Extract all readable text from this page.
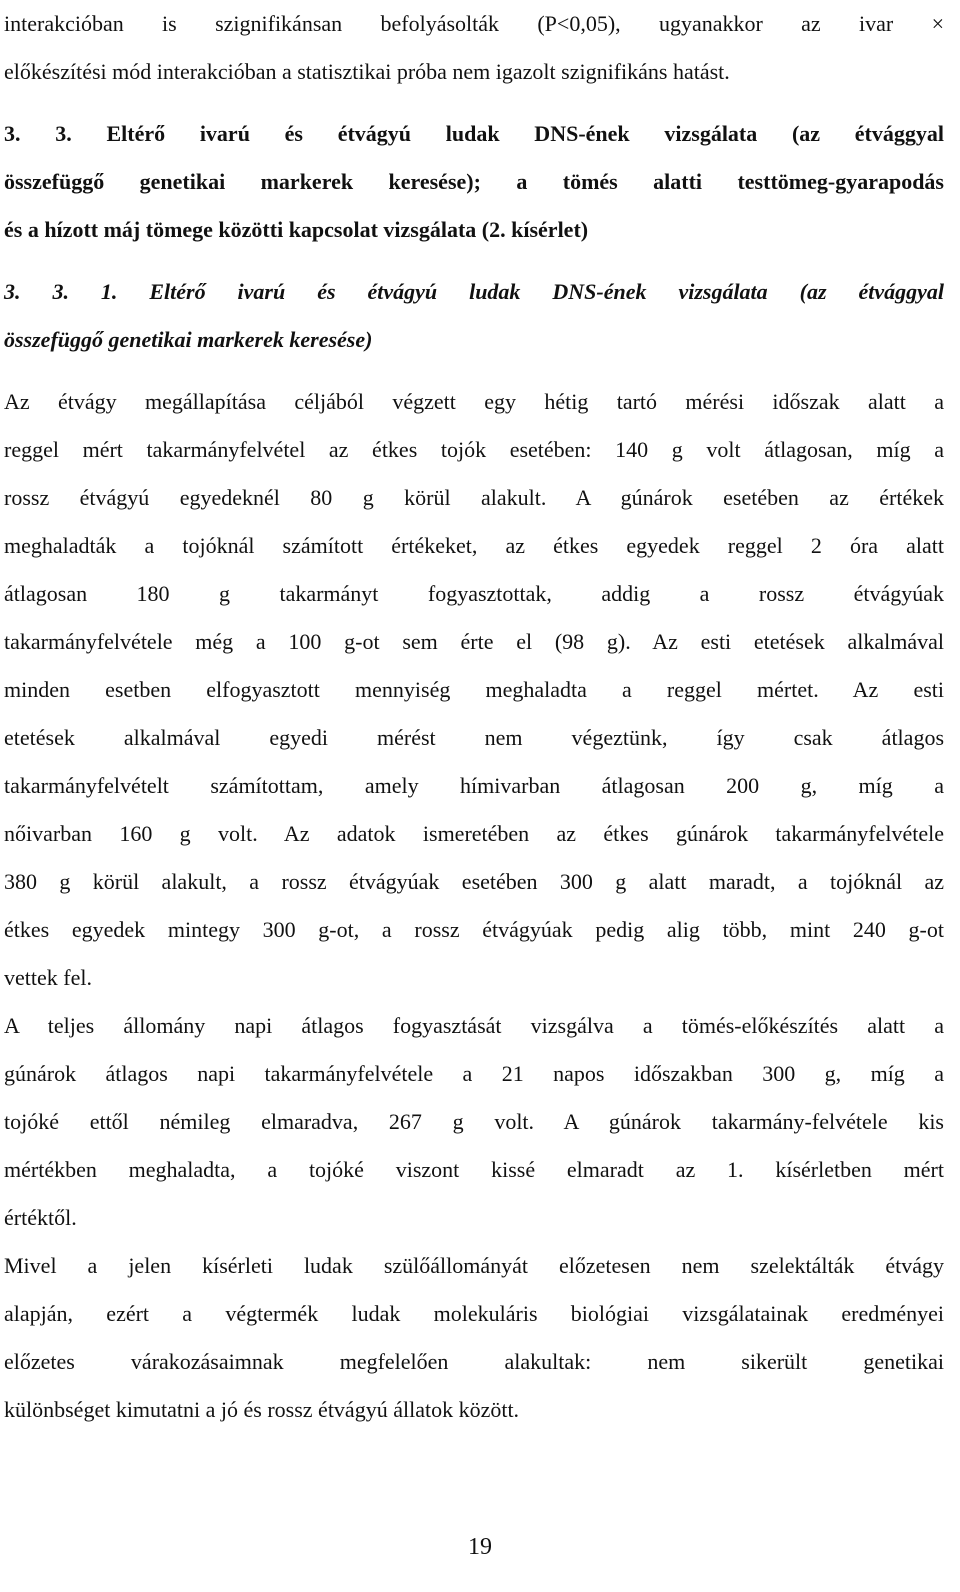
interakcióban is szignifikánsan befolyásolták (P<0,05), ugyanakkor az ivar ×
előkészítési mód interakcióban a statisztikai próba nem igazolt szignifikáns hatást.
3. 3. Eltérő ivarú és étvágyú ludak DNS-ének vizsgálata (az étvággyal
összefüggő genetikai markerek keresése); a tömés alatti testtömeg-gyarapodás
és a hízott máj tömege közötti kapcsolat vizsgálata (2. kísérlet)
3. 3. 1. Eltérő ivarú és étvágyú ludak DNS-ének vizsgálata (az étvággyal
összefüggő genetikai markerek keresése)
Az étvágy megállapítása céljából végzett egy hétig tartó mérési időszak alatt a
reggel mért takarmányfelvétel az étkes tojók esetében: 140 g volt átlagosan, míg a
rossz étvágyú egyedeknél 80 g körül alakult. A gúnárok esetében az értékek
meghaladták a tojóknál számított értékeket, az étkes egyedek reggel 2 óra alatt
átlagosan 180 g takarmányt fogyasztottak, addig a rossz étvágyúak
takarmányfelvétele még a 100 g-ot sem érte el (98 g). Az esti etetések alkalmával
minden esetben elfogyasztott mennyiség meghaladta a reggel mértet. Az esti
etetések alkalmával egyedi mérést nem végeztünk, így csak átlagos
takarmányfelvételt számítottam, amely hímivarban átlagosan 200 g, míg a
nőivarban 160 g volt. Az adatok ismeretében az étkes gúnárok takarmányfelvétele
380 g körül alakult, a rossz étvágyúak esetében 300 g alatt maradt, a tojóknál az
étkes egyedek mintegy 300 g-ot, a rossz étvágyúak pedig alig több, mint 240 g-ot
vettek fel.
A teljes állomány napi átlagos fogyasztását vizsgálva a tömés-előkészítés alatt a
gúnárok átlagos napi takarmányfelvétele a 21 napos időszakban 300 g, míg a
tojóké ettől némileg elmaradva, 267 g volt. A gúnárok takarmány-felvétele kis
mértékben meghaladta, a tojóké viszont kissé elmaradt az 1. kísérletben mért
értéktől.
Mivel a jelen kísérleti ludak szülőállományát előzetesen nem szelektálták étvágy
alapján, ezért a végtermék ludak molekuláris biológiai vizsgálatainak eredményei
előzetes várakozásaimnak megfelelően alakultak: nem sikerült genetikai
különbséget kimutatni a jó és rossz étvágyú állatok között.
19
